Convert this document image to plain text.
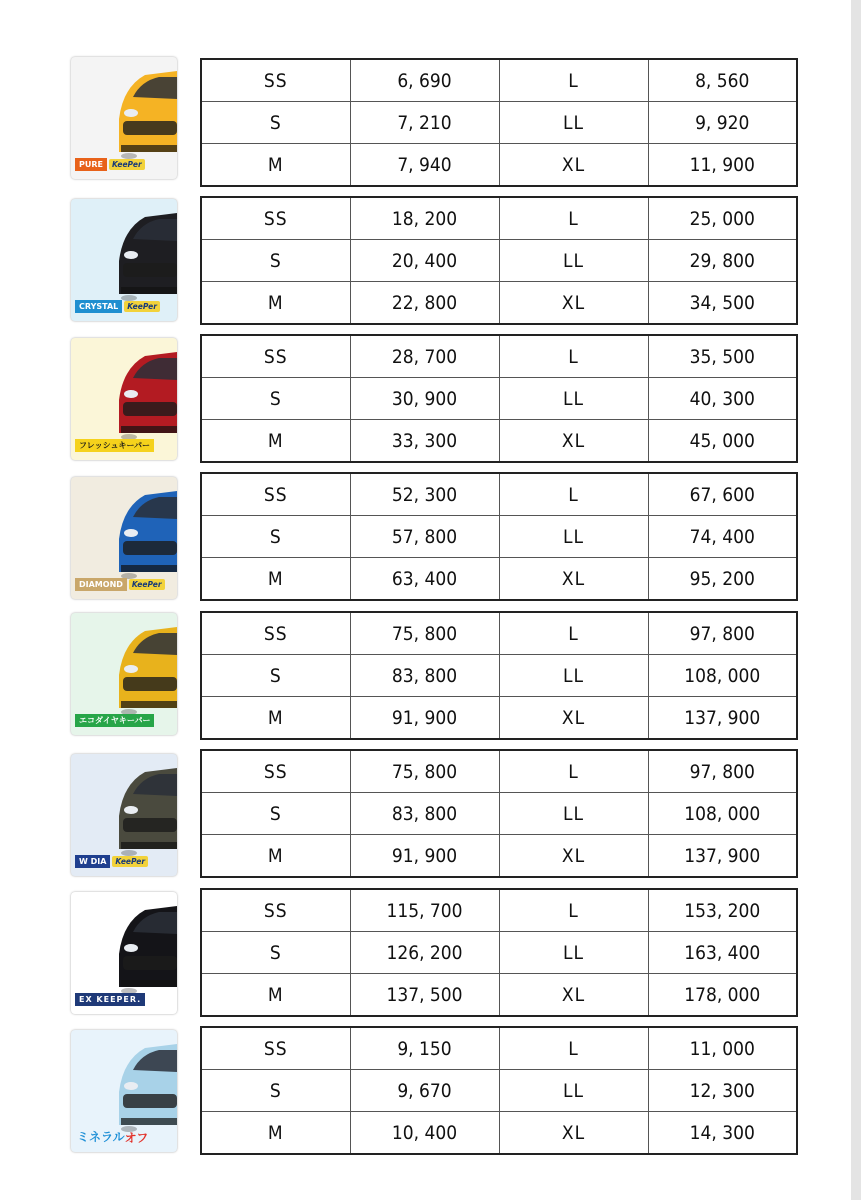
PURE	KeePer
SS	6, 690	L	8, 560
S	7, 210	LL	9, 920
M	7, 940	XL	11, 900
CRYSTAL	KeePer
SS	18, 200	L	25, 000
S	20, 400	LL	29, 800
M	22, 800	XL	34, 500
フレッシュキーパー
SS	28, 700	L	35, 500
S	30, 900	LL	40, 300
M	33, 300	XL	45, 000
DIAMOND	KeePer
SS	52, 300	L	67, 600
S	57, 800	LL	74, 400
M	63, 400	XL	95, 200
エコダイヤキーパー
SS	75, 800	L	97, 800
S	83, 800	LL	108, 000
M	91, 900	XL	137, 900
W DIA	KeePer
SS	75, 800	L	97, 800
S	83, 800	LL	108, 000
M	91, 900	XL	137, 900
EX KEEPER.
SS	115, 700	L	153, 200
S	126, 200	LL	163, 400
M	137, 500	XL	178, 000
ミネラル オフ
SS	9, 150	L	11, 000
S	9, 670	LL	12, 300
M	10, 400	XL	14, 300
